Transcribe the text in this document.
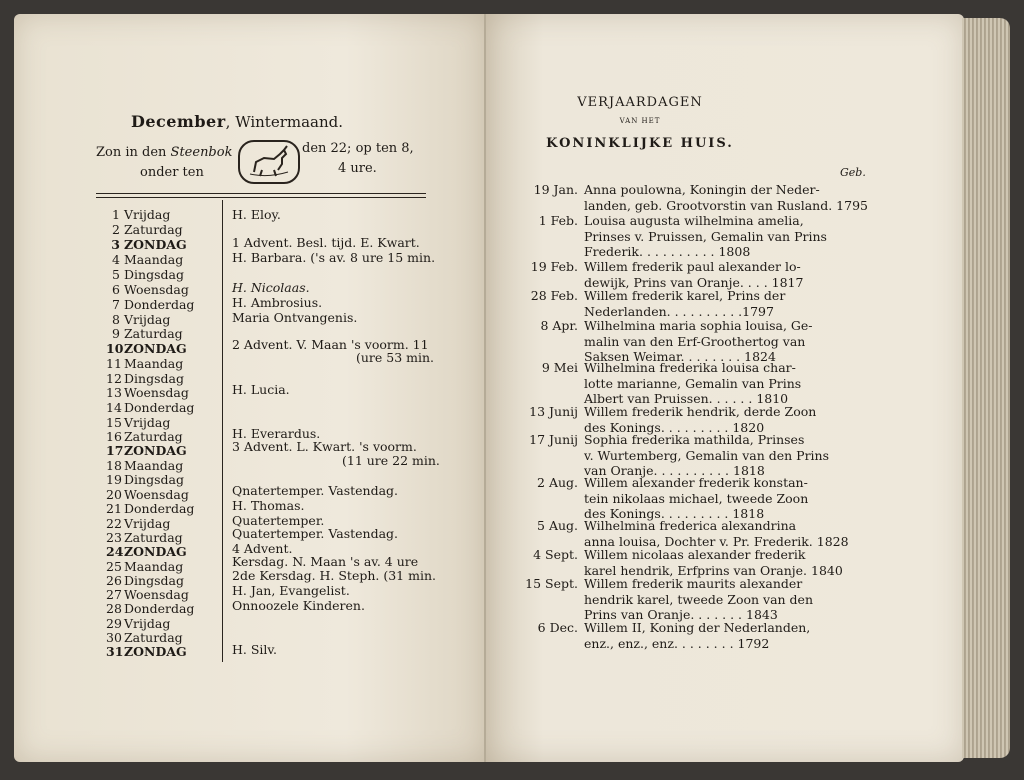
December, Wintermaand.
Zon in den Steenbok
onder ten
den 22; op ten 8,
4 ure.
1 Vrijdag
2 Zaturdag
3 ZONDAG
4 Maandag
5 Dingsdag
6 Woensdag
7 Donderdag
8 Vrijdag
9 Zaturdag
10ZONDAG
11 Maandag
12 Dingsdag
13 Woensdag
14 Donderdag
15 Vrijdag
16 Zaturdag
17ZONDAG
18 Maandag
19 Dingsdag
20 Woensdag
21 Donderdag
22 Vrijdag
23 Zaturdag
24ZONDAG
25 Maandag
26 Dingsdag
27 Woensdag
28 Donderdag
29 Vrijdag
30 Zaturdag
31ZONDAG
H. Eloy.
1 Advent. Besl. tijd. E. Kwart.
H. Barbara. ('s av. 8 ure 15 min.
H. Nicolaas.
H. Ambrosius.
Maria Ontvangenis.
2 Advent. V. Maan 's voorm. 11
(ure 53 min.
H. Lucia.
H. Everardus.
3 Advent. L. Kwart. 's voorm.
(11 ure 22 min.
Qnatertemper. Vastendag.
H. Thomas.
Quatertemper.
Quatertemper. Vastendag.
4 Advent.
Kersdag. N. Maan 's av. 4 ure
2de Kersdag. H. Steph. (31 min.
H. Jan, Evangelist.
Onnoozele Kinderen.
H. Silv.
VERJAARDAGEN
VAN HET
KONINKLIJKE HUIS.
Geb.
19 Jan. Anna poulowna, Koningin der Neder-
landen, geb. Grootvorstin van Rusland. 1795
1 Feb. Louisa augusta wilhelmina amelia,
Prinses v. Pruissen, Gemalin van Prins
Frederik. . . . . . . . . . 1808
19 Feb. Willem frederik paul alexander lo-
dewijk, Prins van Oranje. . . . 1817
28 Feb. Willem frederik karel, Prins der
Nederlanden. . . . . . . . . .1797
8 Apr. Wilhelmina maria sophia louisa, Ge-
malin van den Erf-Groothertog van
Saksen Weimar. . . . . . . . 1824
9 Mei Wilhelmina frederika louisa char-
lotte marianne, Gemalin van Prins
Albert van Pruissen. . . . . . 1810
13 Junij Willem frederik hendrik, derde Zoon
des Konings. . . . . . . . . 1820
17 Junij Sophia frederika mathilda, Prinses
v. Wurtemberg, Gemalin van den Prins
van Oranje. . . . . . . . . . 1818
2 Aug. Willem alexander frederik konstan-
tein nikolaas michael, tweede Zoon
des Konings. . . . . . . . . 1818
5 Aug. Wilhelmina frederica alexandrina
anna louisa, Dochter v. Pr. Frederik. 1828
4 Sept. Willem nicolaas alexander frederik
karel hendrik, Erfprins van Oranje. 1840
15 Sept. Willem frederik maurits alexander
hendrik karel, tweede Zoon van den
Prins van Oranje. . . . . . . 1843
6 Dec. Willem II, Koning der Nederlanden,
enz., enz., enz. . . . . . . . 1792
